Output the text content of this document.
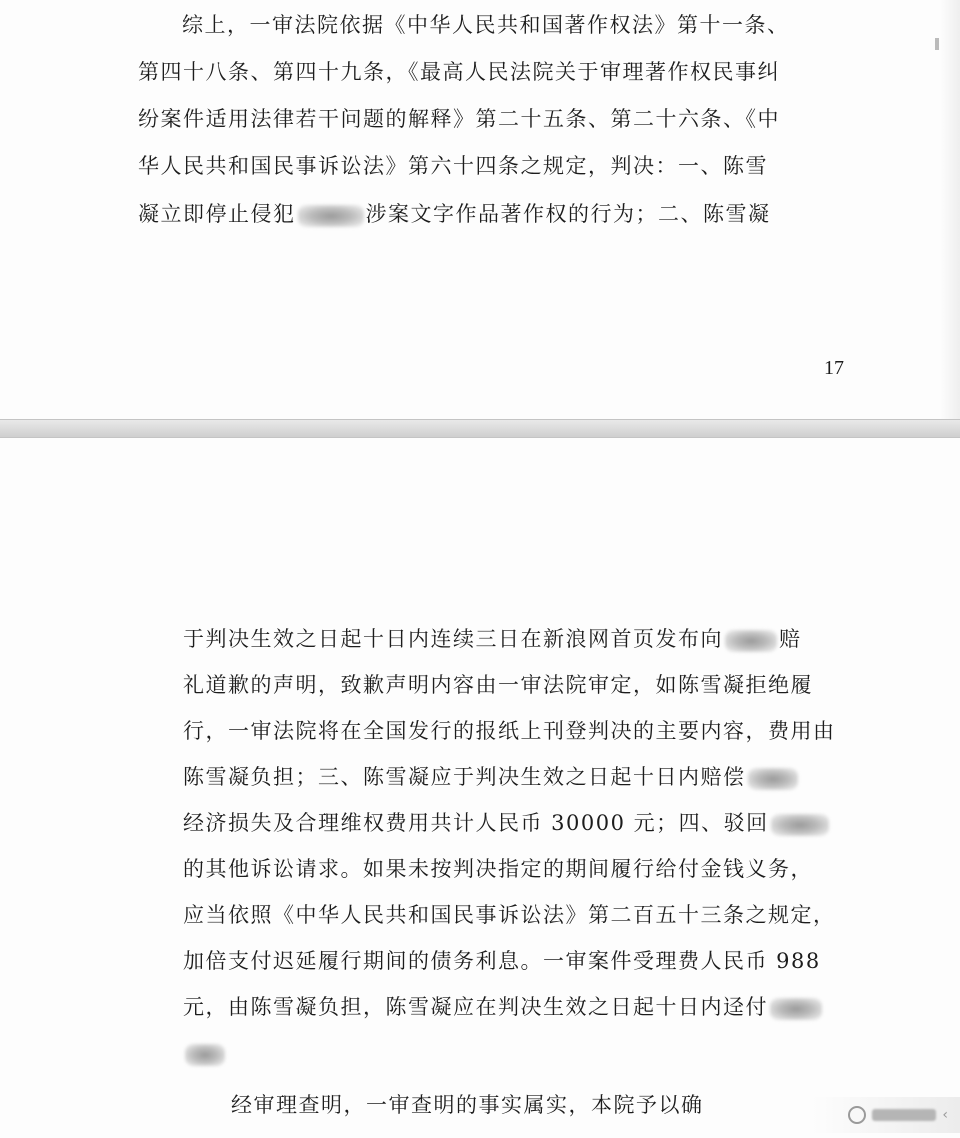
综上，一审法院依据《中华人民共和国著作权法》第十一条、
第四十八条、第四十九条，《最高人民法院关于审理著作权民事纠
纷案件适用法律若干问题的解释》第二十五条、第二十六条、《中
华人民共和国民事诉讼法》第六十四条之规定，判决：一、陈雪
凝立即停止侵犯	涉案文字作品著作权的行为；二、陈雪凝
17
于判决生效之日起十日内连续三日在新浪网首页发布向	赔
礼道歉的声明，致歉声明内容由一审法院审定，如陈雪凝拒绝履
行，一审法院将在全国发行的报纸上刊登判决的主要内容，费用由
陈雪凝负担；三、陈雪凝应于判决生效之日起十日内赔偿
经济损失及合理维权费用共计人民币 30000 元；四、驳回
的其他诉讼请求。如果未按判决指定的期间履行给付金钱义务，
应当依照《中华人民共和国民事诉讼法》第二百五十三条之规定，
加倍支付迟延履行期间的债务利息。一审案件受理费人民币 988
元，由陈雪凝负担，陈雪凝应在判决生效之日起十日内迳付
经审理查明，一审查明的事实属实，本院予以确	‹
